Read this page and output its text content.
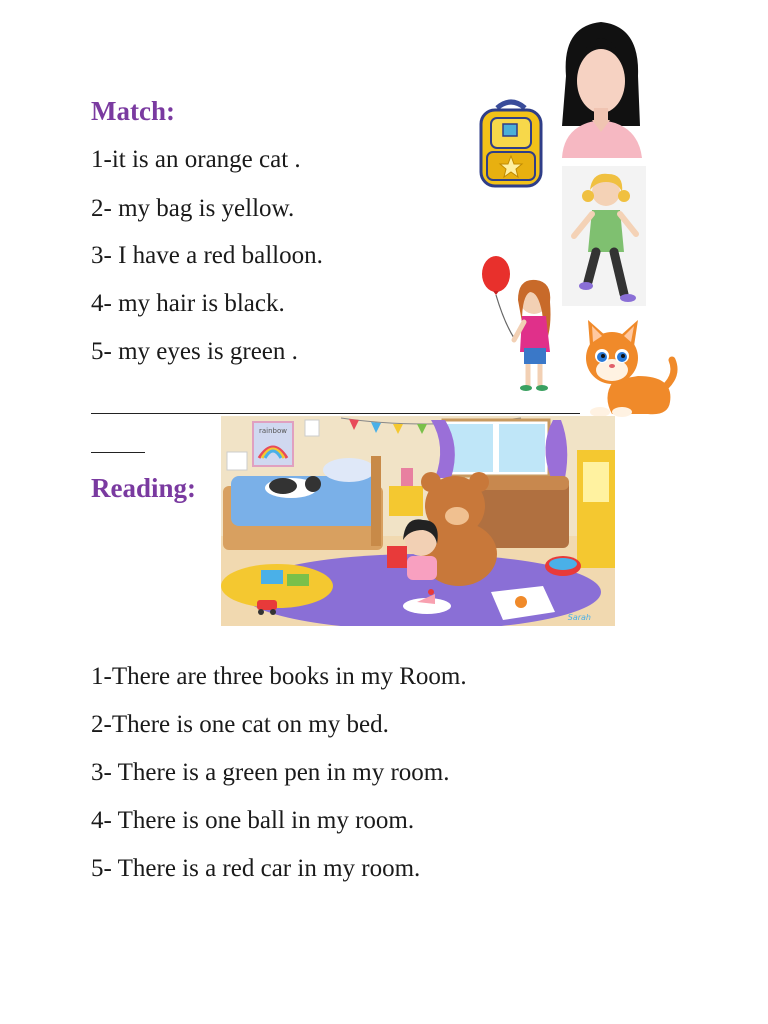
Match:
1-it is an orange cat .
2- my bag is yellow.
3- I have a red balloon.
4- my hair is black.
5- my eyes is green .
Reading:
rainbow
Sarah
1-There are three books in my Room.
2-There is one cat on my bed.
3- There is a green pen in my room.
4- There is one ball in my room.
5- There is a red car in my room.
